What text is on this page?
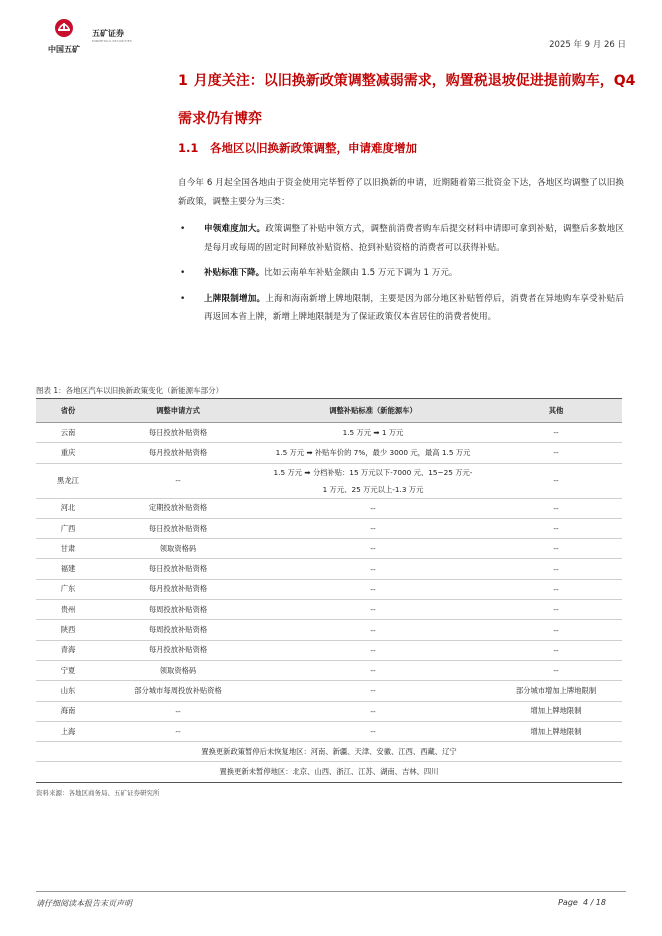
中国五矿
五矿证券
MINMETALS SECURITIES	2025 年 9 月 26 日
1 月度关注：以旧换新政策调整减弱需求，购置税退坡促进提前购车，Q4 需求仍有博弈
1.1 各地区以旧换新政策调整，申请难度增加
自今年 6 月起全国各地由于资金使用完毕暂停了以旧换新的申请，近期随着第三批资金下达，各地区均调整了以旧换新政策，调整主要分为三类：
• 申领难度加大。政策调整了补贴申领方式，调整前消费者购车后提交材料申请即可拿到补贴，调整后多数地区是每月或每周的固定时间释放补贴资格、抢到补贴资格的消费者可以获得补贴。
• 补贴标准下降。比如云南单车补贴金额由 1.5 万元下调为 1 万元。
• 上牌限制增加。上海和海南新增上牌地限制，主要是因为部分地区补贴暂停后，消费者在异地购车享受补贴后再返回本省上牌，新增上牌地限制是为了保证政策仅本省居住的消费者使用。
图表 1：各地区汽车以旧换新政策变化（新能源车部分）
省份	调整申请方式	调整补贴标准（新能源车）	其他
云南	每日投放补贴资格	1.5 万元 ➡ 1 万元	--
重庆	每月投放补贴资格	1.5 万元 ➡ 补贴车价的 7%，最少 3000 元，最高 1.5 万元	--
黑龙江	--	1.5 万元 ➡ 分档补贴：15 万元以下-7000 元、15~25 万元-
1 万元、25 万元以上-1.3 万元	--
河北	定期投放补贴资格	--	--
广西	每日投放补贴资格	--	--
甘肃	领取资格码	--	--
福建	每日投放补贴资格	--	--
广东	每月投放补贴资格	--	--
贵州	每周投放补贴资格	--	--
陕西	每周投放补贴资格	--	--
青海	每月投放补贴资格	--	--
宁夏	领取资格码	--	--
山东	部分城市每周投放补贴资格	--	部分城市增加上牌地限制
海南	--	--	增加上牌地限制
上海	--	--	增加上牌地限制
置换更新政策暂停后未恢复地区：河南、新疆、天津、安徽、江西、西藏、辽宁			
置换更新未暂停地区：北京、山西、浙江、江苏、湖南、吉林、四川			
资料来源：各地区商务局、五矿证券研究所
请仔细阅读本报告末页声明	Page 4 / 18
